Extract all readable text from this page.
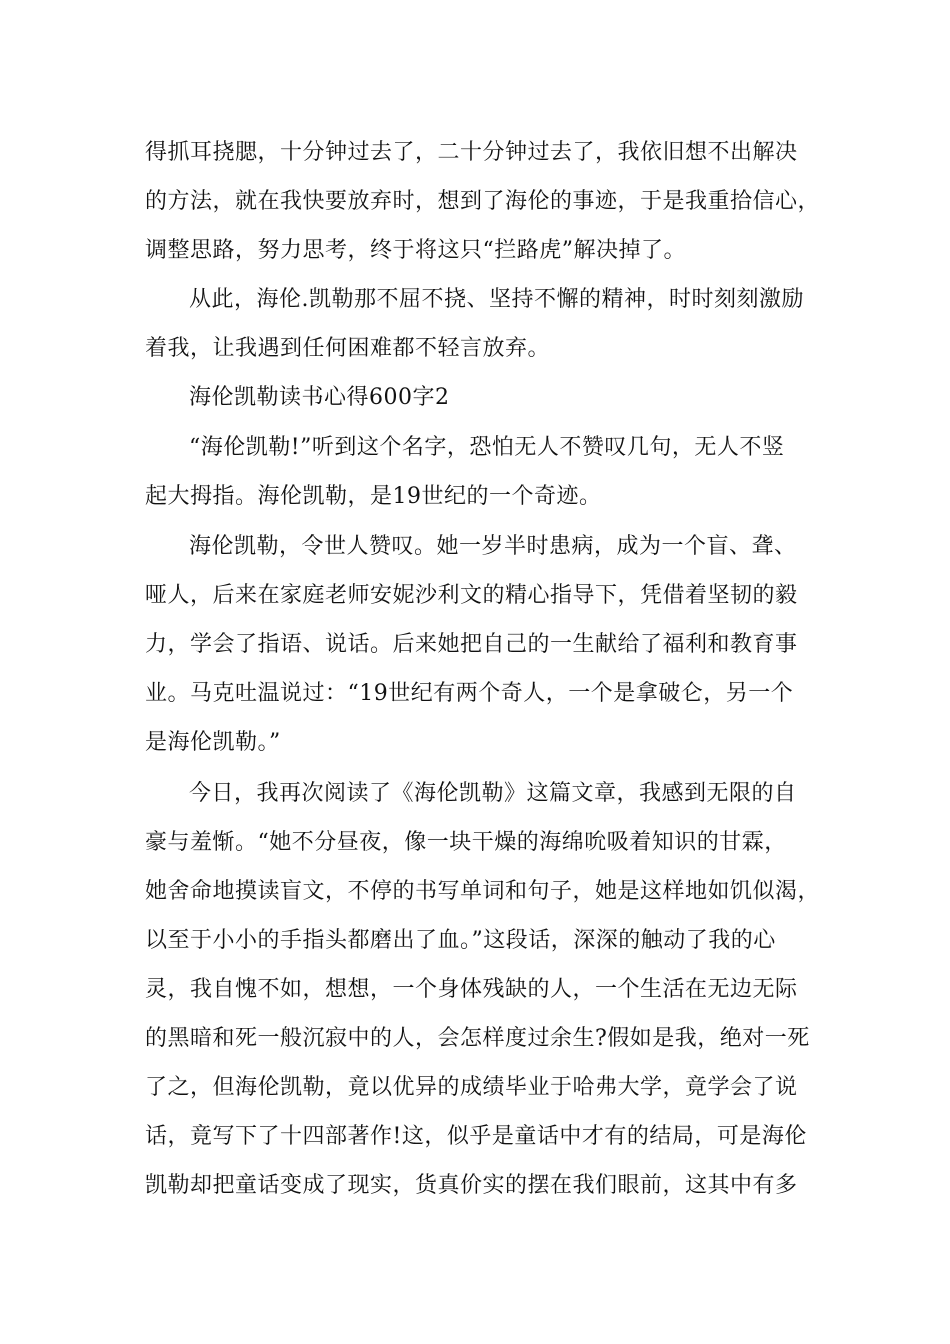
得抓耳挠腮，十分钟过去了，二十分钟过去了，我依旧想不出解决
的方法，就在我快要放弃时，想到了海伦的事迹，于是我重拾信心，
调整思路，努力思考，终于将这只“拦路虎”解决掉了。
从此，海伦.凯勒那不屈不挠、坚持不懈的精神，时时刻刻激励
着我，让我遇到任何困难都不轻言放弃。
海伦凯勒读书心得600字2
“海伦凯勒!”听到这个名字，恐怕无人不赞叹几句，无人不竖
起大拇指。海伦凯勒，是19世纪的一个奇迹。
海伦凯勒，令世人赞叹。她一岁半时患病，成为一个盲、聋、
哑人，后来在家庭老师安妮沙利文的精心指导下，凭借着坚韧的毅
力，学会了指语、说话。后来她把自己的一生献给了福利和教育事
业。马克吐温说过：“19世纪有两个奇人，一个是拿破仑，另一个
是海伦凯勒。”
今日，我再次阅读了《海伦凯勒》这篇文章，我感到无限的自
豪与羞惭。“她不分昼夜，像一块干燥的海绵吮吸着知识的甘霖，
她舍命地摸读盲文，不停的书写单词和句子，她是这样地如饥似渴，
以至于小小的手指头都磨出了血。”这段话，深深的触动了我的心
灵，我自愧不如，想想，一个身体残缺的人，一个生活在无边无际
的黑暗和死一般沉寂中的人，会怎样度过余生?假如是我，绝对一死
了之，但海伦凯勒，竟以优异的成绩毕业于哈弗大学，竟学会了说
话，竟写下了十四部著作!这，似乎是童话中才有的结局，可是海伦
凯勒却把童话变成了现实，货真价实的摆在我们眼前，这其中有多
